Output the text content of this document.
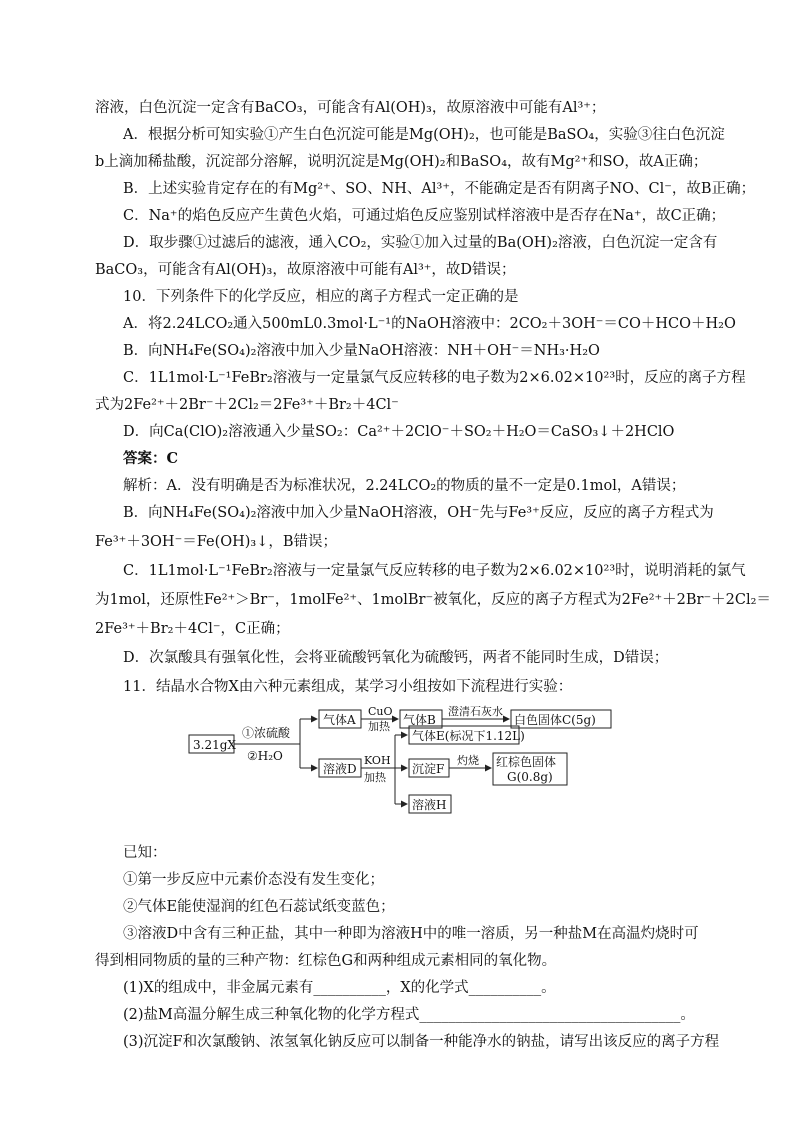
溶液，白色沉淀一定含有BaCO₃，可能含有Al(OH)₃，故原溶液中可能有Al³⁺；
A．根据分析可知实验①产生白色沉淀可能是Mg(OH)₂，也可能是BaSO₄，实验③往白色沉淀
b上滴加稀盐酸，沉淀部分溶解，说明沉淀是Mg(OH)₂和BaSO₄，故有Mg²⁺和SO，故A正确；
B．上述实验肯定存在的有Mg²⁺、SO、NH、Al³⁺，不能确定是否有阴离子NO、Cl⁻，故B正确；
C．Na⁺的焰色反应产生黄色火焰，可通过焰色反应鉴别试样溶液中是否存在Na⁺，故C正确；
D．取步骤①过滤后的滤液，通入CO₂，实验①加入过量的Ba(OH)₂溶液，白色沉淀一定含有
BaCO₃，可能含有Al(OH)₃，故原溶液中可能有Al³⁺，故D错误；
10．下列条件下的化学反应，相应的离子方程式一定正确的是
A．将2.24LCO₂通入500mL0.3mol·L⁻¹的NaOH溶液中：2CO₂＋3OH⁻＝CO＋HCO＋H₂O
B．向NH₄Fe(SO₄)₂溶液中加入少量NaOH溶液：NH＋OH⁻＝NH₃·H₂O
C．1L1mol·L⁻¹FeBr₂溶液与一定量氯气反应转移的电子数为2×6.02×10²³时，反应的离子方程
式为2Fe²⁺＋2Br⁻＋2Cl₂＝2Fe³⁺＋Br₂＋4Cl⁻
D．向Ca(ClO)₂溶液通入少量SO₂：Ca²⁺＋2ClO⁻＋SO₂＋H₂O＝CaSO₃↓＋2HClO
答案：C
解析：A．没有明确是否为标准状况，2.24LCO₂的物质的量不一定是0.1mol，A错误；
B．向NH₄Fe(SO₄)₂溶液中加入少量NaOH溶液，OH⁻先与Fe³⁺反应，反应的离子方程式为
Fe³⁺＋3OH⁻＝Fe(OH)₃↓，B错误；
C．1L1mol·L⁻¹FeBr₂溶液与一定量氯气反应转移的电子数为2×6.02×10²³时，说明消耗的氯气
为1mol，还原性Fe²⁺＞Br⁻，1molFe²⁺、1molBr⁻被氧化，反应的离子方程式为2Fe²⁺＋2Br⁻＋2Cl₂＝
2Fe³⁺＋Br₂＋4Cl⁻，C正确；
D．次氯酸具有强氧化性，会将亚硫酸钙氧化为硫酸钙，两者不能同时生成，D错误；
11．结晶水合物X由六种元素组成，某学习小组按如下流程进行实验：
3.21gX
①浓硫酸
②H₂O
气体A
CuO
加热 气体B
澄清石灰水
白色固体C(5g)
溶液D
KOH
加热
气体E(标况下1.12L)
沉淀F
灼烧 红棕色固体
G(0.8g)
溶液H
已知：
①第一步反应中元素价态没有发生变化；
②气体E能使湿润的红色石蕊试纸变蓝色；
③溶液D中含有三种正盐，其中一种即为溶液H中的唯一溶质，另一种盐M在高温灼烧时可
得到相同物质的量的三种产物：红棕色G和两种组成元素相同的氧化物。
(1)X的组成中，非金属元素有__________，X的化学式__________。
(2)盐M高温分解生成三种氧化物的化学方程式____________________________________。
(3)沉淀F和次氯酸钠、浓氢氧化钠反应可以制备一种能净水的钠盐，请写出该反应的离子方程
